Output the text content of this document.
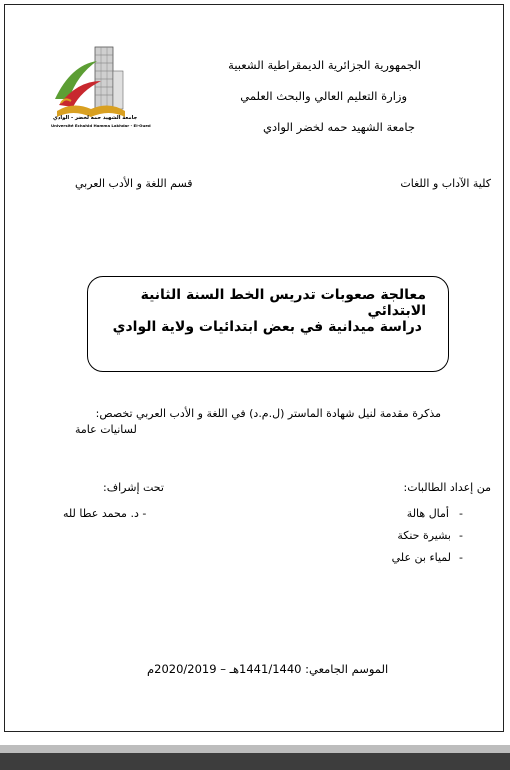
جامعة الشهيد حمه لخضر - الوادي
Université Echahid Hamma Lakhdar - El-Oued
الجمهورية الجزائرية الديمقراطية الشعبية
وزارة التعليم العالي والبحث العلمي
جامعة الشهيد حمه لخضر الوادي
كلية الآداب و اللغات
قسم اللغة و الأدب العربي
معالجة صعوبات تدريس الخط السنة الثانية الابتدائي
دراسة ميدانية في بعض ابتدائيات ولاية الوادي
مذكرة مقدمة لنيل شهادة الماستر (ل.م.د) في اللغة و الأدب العربي تخصص:
لسانيات عامة
من إعداد الطالبات:
تحت إشراف:
أمال هالة -
بشيرة حنكة -
لمياء بن علي -
- د. محمد عطا لله
الموسم الجامعي: 1441/1440هـ – 2020/2019م
